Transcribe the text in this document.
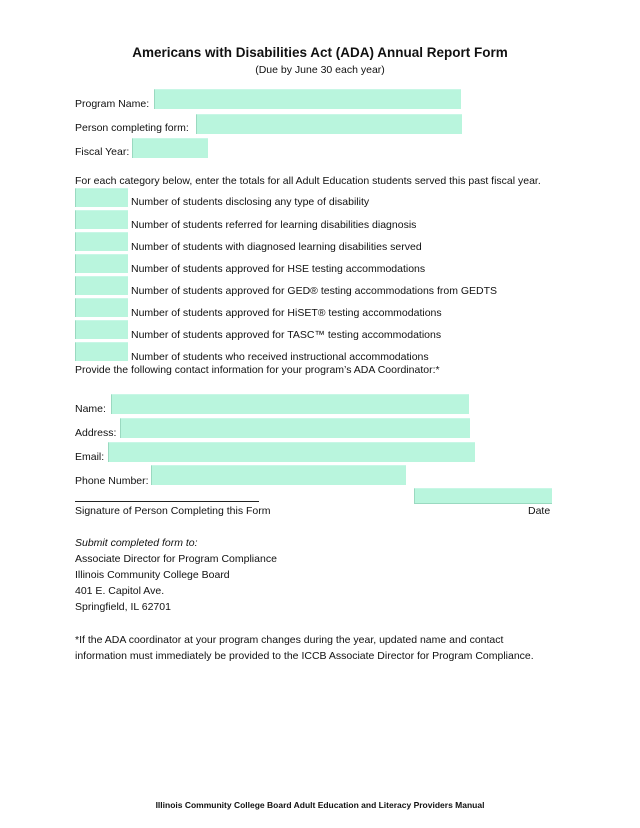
Americans with Disabilities Act (ADA) Annual Report Form
(Due by June 30 each year)
Program Name:
Person completing form:
Fiscal Year:
For each category below, enter the totals for all Adult Education students served this past fiscal year.
Number of students disclosing any type of disability
Number of students referred for learning disabilities diagnosis
Number of students with diagnosed learning disabilities served
Number of students approved for HSE testing accommodations
Number of students approved for GED® testing accommodations from GEDTS
Number of students approved for HiSET® testing accommodations
Number of students approved for TASC™ testing accommodations
Number of students who received instructional accommodations
Provide the following contact information for your program’s ADA Coordinator:*
Name:
Address:
Email:
Phone Number:
Signature of Person Completing this Form	Date
Submit completed form to:
Associate Director for Program Compliance
Illinois Community College Board
401 E. Capitol Ave.
Springfield, IL 62701
*If the ADA coordinator at your program changes during the year, updated name and contact
information must immediately be provided to the ICCB Associate Director for Program Compliance.
Illinois Community College Board Adult Education and Literacy Providers Manual
